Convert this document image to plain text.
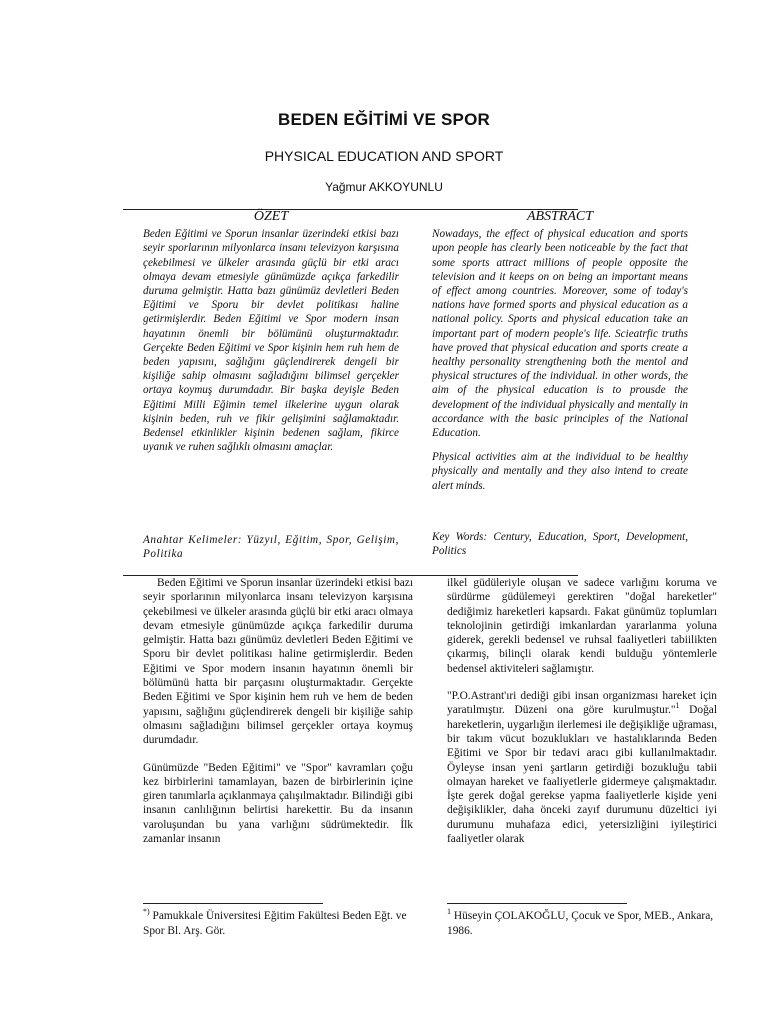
BEDEN EĞİTİMİ VE SPOR
PHYSICAL EDUCATION AND SPORT
Yağmur AKKOYUNLU
ÖZET

Beden Eğitimi ve Sporun insanlar üzerindeki etkisi bazı seyir sporlarının milyonlarca insanı televizyon karşısına çekebilmesi ve ülkeler arasında güçlü bir etki aracı olmaya devam etmesiyle günümüzde açıkça farkedilir duruma gelmiştir. Hatta bazı günümüz devletleri Beden Eğitimi ve Sporu bir devlet politikası haline getirmişlerdir. Beden Eğitimi ve Spor modern insan hayatının önemli bir bölümünü oluşturmaktadır. Gerçekte Beden Eğitimi ve Spor kişinin hem ruh hem de beden yapısını, sağlığını güçlendirerek dengeli bir kişiliğe sahip olmasını sağladığını bilimsel gerçekler ortaya koymuş durumdadır. Bir başka deyişle Beden Eğitimi Milli Eğimin temel ilkelerine uygun olarak kişinin beden, ruh ve fikir gelişimini sağlamaktadır. Bedensel etkinlikler kişinin bedenen sağlam, fikirce uyanık ve ruhen sağlıklı olmasını amaçlar.

ABSTRACT

Nowadays, the effect of physical education and sports upon people has clearly been noticeable by the fact that some sports attract millions of people opposite the television and it keeps on on being an important means of effect among countries. Moreover, some of today's nations have formed sports and physical education as a national policy. Sports and physical education take an important part of modern people's life. Scieatrfic truths have proved that physical education and sports create a healthy personality strengthening both the mentol and physical structures of the individual. in other words, the aim of the physical education is to prousde the development of the individual physically and mentally in accordance with the basic principles of the National Education.

Physical activities aim at the individual to be healthy physically and mentally and they also intend to create alert minds.

Anahtar Kelimeler: Yüzyıl, Eğitim, Spor, Gelişim, Politika
Key Words: Century, Education, Sport, Development, Politics

Beden Eğitimi ve Sporun insanlar üzerindeki etkisi bazı seyir sporlarının milyonlarca insanı televizyon karşısına çekebilmesi ve ülkeler arasında güçlü bir etki aracı olmaya devam etmesiyle günümüzde açıkça farkedilir duruma gelmiştir. Hatta bazı günümüz devletleri Beden Eğitimi ve Sporu bir devlet politikası haline getirmişlerdir. Beden Eğitimi ve Spor modern insanın hayatının önemli bir bölümünü hatta bir parçasını oluşturmaktadır. Gerçekte Beden Eğitimi ve Spor kişinin hem ruh ve hem de beden yapısını, sağlığını güçlendirerek dengeli bir kişiliğe sahip olmasını sağladığını bilimsel gerçekler ortaya koymuş durumdadır.

Günümüzde "Beden Eğitimi" ve "Spor" kavramları çoğu kez birbirlerini tamamlayan, bazen de birbirlerinin içine giren tanımlarla açıklanmaya çalışılmaktadır. Bilindiği gibi insanın canlılığının belirtisi harekettir. Bu da insanın varoluşundan bu yana varlığını südrümektedir. İlk zamanlar insanın

ilkel güdüleriyle oluşan ve sadece varlığını koruma ve sürdürme güdülemeyi gerektiren "doğal hareketler" dediğimiz hareketleri kapsardı. Fakat günümüz toplumları teknolojinin getirdiği imkanlardan yararlanma yoluna giderek, gerekli bedensel ve ruhsal faaliyetleri tabiilikten çıkarmış, bilinçli olarak kendi bulduğu yöntemlerle bedensel aktiviteleri sağlamıştır.

"P.O.Astrant'ıri dediği gibi insan organizması hareket için yaratılmıştır. Düzeni ona göre kurulmuştur."$^1$ Doğal hareketlerin, uygarlığın ilerlemesi ile değişikliğe uğraması, bir takım vücut bozuklukları ve hastalıklarında Beden Eğitimi ve Spor bir tedavi aracı gibi kullanılmaktadır. Öyleyse insan yeni şartların getirdiği bozukluğu tabii olmayan hareket ve faaliyetlerle gidermeye çalışmaktadır. İşte gerek doğal gerekse yapma faaliyetlerle kişide yeni değişiklikler, daha önceki zayıf durumunu düzeltici iyi durumunu muhafaza edici, yetersizliğini iyileştirici faaliyetler olarak

*) Pamukkale Üniversitesi Eğitim Fakültesi Beden Eğt. ve Spor Bl. Arş. Gör.
$^1$ Hüseyin ÇOLAKOĞLU, Çocuk ve Spor, MEB., Ankara, 1986.
